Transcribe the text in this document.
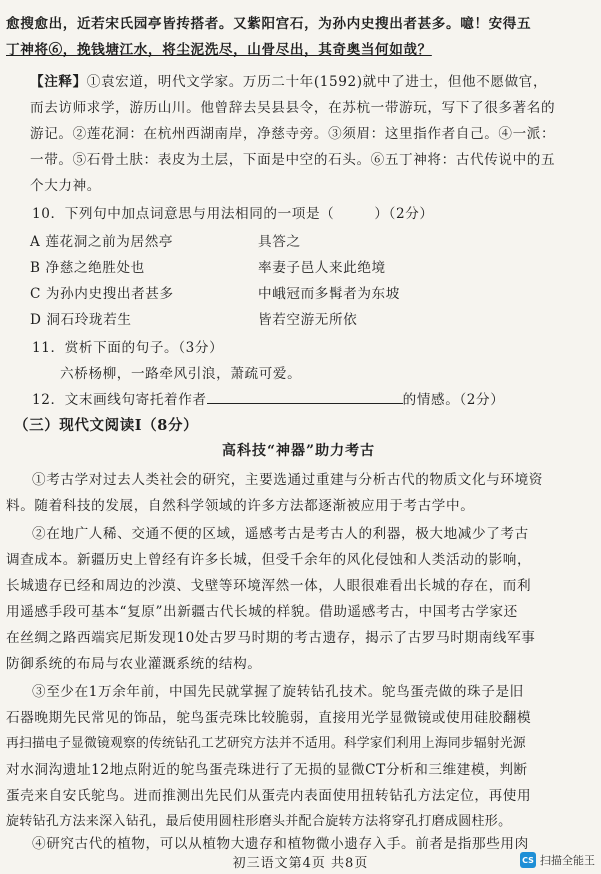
愈搜愈出，近若宋氏园亭皆抟搭者。又紫阳宫石，为孙内史搜出者甚多。噫！安得五
丁神将⑥，挽钱塘江水，将尘泥洗尽，山骨尽出，其奇奥当何如哉？
【注释】①袁宏道，明代文学家。万历二十年(1592)就中了进士，但他不愿做官，
而去访师求学，游历山川。他曾辞去吴县县令，在苏杭一带游玩，写下了很多著名的
游记。②莲花洞：在杭州西湖南岸，净慈寺旁。③须眉：这里指作者自己。④一派：
一带。⑤石骨土肤：表皮为土层，下面是中空的石头。⑥五丁神将：古代传说中的五
个大力神。
10．下列句中加点词意思与用法相同的一项是（	）（2分）
A 莲花洞之前为居然亭	具答之
B 净慈之绝胜处也	率妻子邑人来此绝境
C 为孙内史搜出者甚多	中峨冠而多髯者为东坡
D 洞石玲珑若生	皆若空游无所依
11．赏析下面的句子。（3分）
六桥杨柳，一路牵风引浪，萧疏可爱。
12．文末画线句寄托着作者	的情感。（2分）
（三）现代文阅读Ⅰ（8分）
高科技“神器”助力考古
①考古学对过去人类社会的研究，主要选通过重建与分析古代的物质文化与环境资
料。随着科技的发展，自然科学领域的许多方法都逐渐被应用于考古学中。
②在地广人稀、交通不便的区域，遥感考古是考古人的利器，极大地减少了考古
调查成本。新疆历史上曾经有许多长城，但受千余年的风化侵蚀和人类活动的影响，
长城遗存已经和周边的沙漠、戈壁等环境浑然一体，人眼很难看出长城的存在，而利
用遥感手段可基本“复原”出新疆古代长城的样貌。借助遥感考古，中国考古学家还
在丝绸之路西端宾尼斯发现10处古罗马时期的考古遗存，揭示了古罗马时期南线军事
防御系统的布局与农业灌溉系统的结构。
③至少在1万余年前，中国先民就掌握了旋转钻孔技术。鸵鸟蛋壳做的珠子是旧
石器晚期先民常见的饰品，鸵鸟蛋壳珠比较脆弱，直接用光学显微镜或使用硅胶翻模
再扫描电子显微镜观察的传统钻孔工艺研究方法并不适用。科学家们利用上海同步辐射光源
对水洞沟遗址12地点附近的鸵鸟蛋壳珠进行了无损的显微CT分析和三维建模，判断
蛋壳来自安氏鸵鸟。进而推测出先民们从蛋壳内表面使用扭转钻孔方法定位，再使用
旋转钻孔方法来深入钻孔，最后使用圆柱形磨头并配合旋转方法将穿孔打磨成圆柱形。
④研究古代的植物，可以从植物大遗存和植物微小遗存入手。前者是指那些用肉
CS 扫描全能王
初三语文第4页 共8页
